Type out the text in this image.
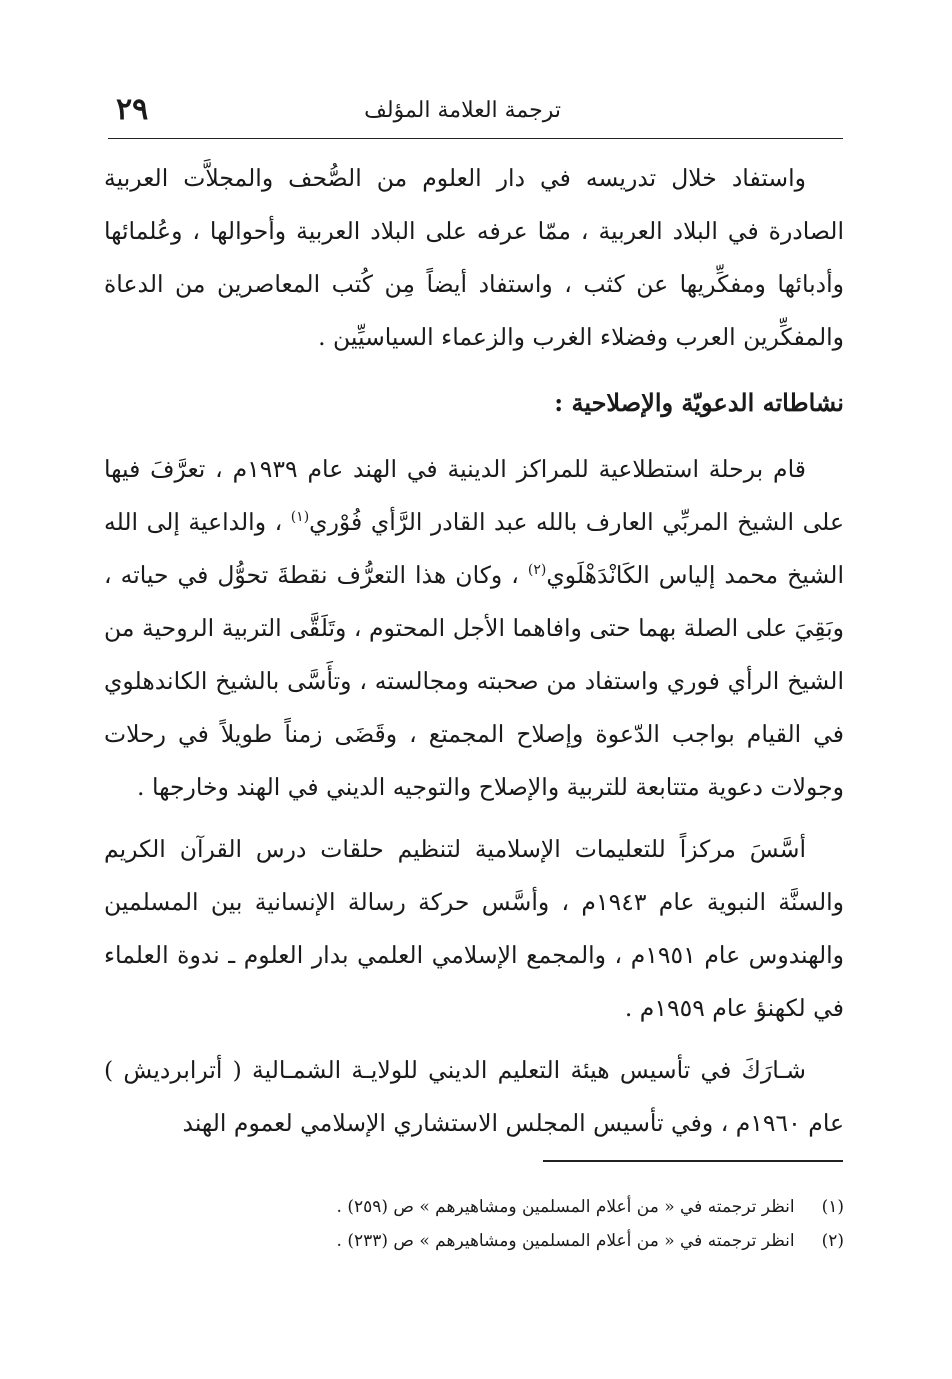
ترجمة العلامة المؤلف
٢٩

واستفاد خلال تدريسه في دار العلوم من الصُّحف والمجلاَّت العربية الصادرة في البلاد العربية ، ممّا عرفه على البلاد العربية وأحوالها ، وعُلمائها وأدبائها ومفكِّريها عن كثب ، واستفاد أيضاً مِن كُتب المعاصرين من الدعاة والمفكِّرين العرب وفضلاء الغرب والزعماء السياسيِّين .

نشاطاته الدعويّة والإصلاحية :

قام برحلة استطلاعية للمراكز الدينية في الهند عام ١٩٣٩م ، تعرَّفَ فيها على الشيخ المربِّي العارف بالله عبد القادر الرَّأي فُوْري$^{(١)}$ ، والداعية إلى الله الشيخ محمد إلياس الكَانْدَهْلَوي$^{(٢)}$ ، وكان هذا التعرُّف نقطةَ تحوُّل في حياته ، وبَقِيَ على الصلة بهما حتى وافاهما الأجل المحتوم ، وتَلَقَّى التربية الروحية من الشيخ الرأي فوري واستفاد من صحبته ومجالسته ، وتأَسَّى بالشيخ الكاندهلوي في القيام بواجب الدّعوة وإصلاح المجمتع ، وقَضَى زمناً طويلاً في رحلات وجولات دعوية متتابعة للتربية والإصلاح والتوجيه الديني في الهند وخارجها .

أسَّسَ مركزاً للتعليمات الإسلامية لتنظيم حلقات درس القرآن الكريم والسنَّة النبوية عام ١٩٤٣م ، وأسَّس حركة رسالة الإنسانية بين المسلمين والهندوس عام ١٩٥١م ، والمجمع الإسلامي العلمي بدار العلوم ـ ندوة العلماء في لكهنؤ عام ١٩٥٩م .

شـارَكَ في تأسيس هيئة التعليم الديني للولايـة الشمـالية ( أترابرديش ) عام ١٩٦٠م ، وفي تأسيس المجلس الاستشاري الإسلامي لعموم الهند

(١) انظر ترجمته في « من أعلام المسلمين ومشاهيرهم » ص (٢٥٩) .
(٢) انظر ترجمته في « من أعلام المسلمين ومشاهيرهم » ص (٢٣٣) .
